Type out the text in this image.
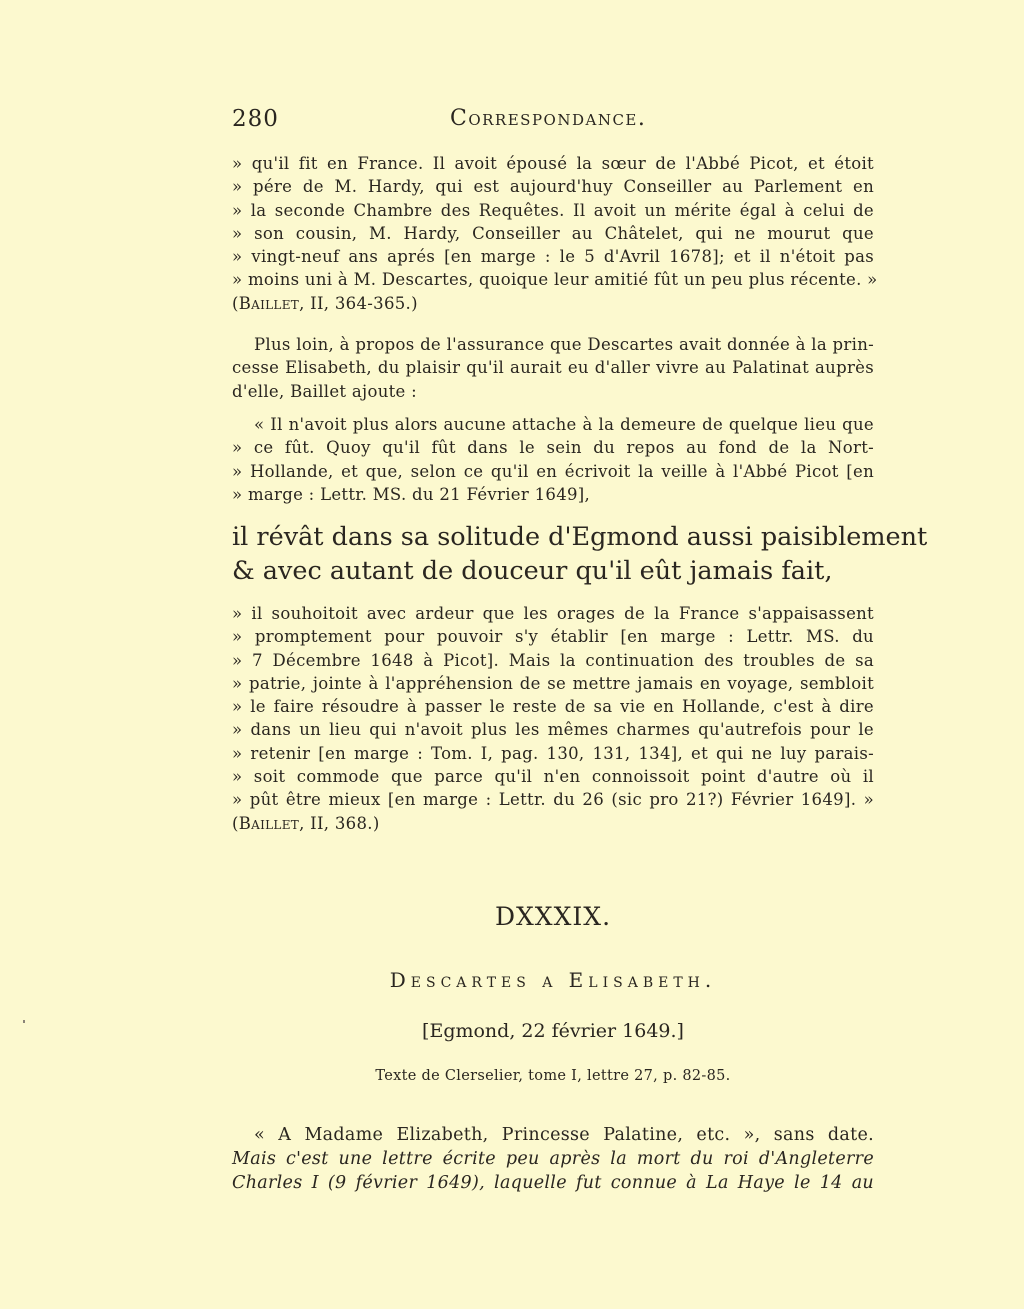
280	Correspondance.
» qu'il fit en France. Il avoit épousé la sœur de l'Abbé Picot, et étoit
» pére de M. Hardy, qui est aujourd'huy Conseiller au Parlement en
» la seconde Chambre des Requêtes. Il avoit un mérite égal à celui de
» son cousin, M. Hardy, Conseiller au Châtelet, qui ne mourut que
» vingt-neuf ans aprés [en marge : le 5 d'Avril 1678]; et il n'étoit pas
» moins uni à M. Descartes, quoique leur amitié fût un peu plus récente. »
(Baillet, II, 364-365.)
Plus loin, à propos de l'assurance que Descartes avait donnée à la prin-
cesse Elisabeth, du plaisir qu'il aurait eu d'aller vivre au Palatinat auprès
d'elle, Baillet ajoute :
« Il n'avoit plus alors aucune attache à la demeure de quelque lieu que
» ce fût. Quoy qu'il fût dans le sein du repos au fond de la Nort-
» Hollande, et que, selon ce qu'il en écrivoit la veille à l'Abbé Picot [en
» marge : Lettr. MS. du 21 Février 1649],
il révât dans sa solitude d'Egmond aussi paisiblement
& avec autant de douceur qu'il eût jamais fait,
» il souhoitoit avec ardeur que les orages de la France s'appaisassent
» promptement pour pouvoir s'y établir [en marge : Lettr. MS. du
» 7 Décembre 1648 à Picot]. Mais la continuation des troubles de sa
» patrie, jointe à l'appréhension de se mettre jamais en voyage, sembloit
» le faire résoudre à passer le reste de sa vie en Hollande, c'est à dire
» dans un lieu qui n'avoit plus les mêmes charmes qu'autrefois pour le
» retenir [en marge : Tom. I, pag. 130, 131, 134], et qui ne luy parais-
» soit commode que parce qu'il n'en connoissoit point d'autre où il
» pût être mieux [en marge : Lettr. du 26 (sic pro 21?) Février 1649]. »
(Baillet, II, 368.)
DXXXIX.
Descartes a Elisabeth.
[Egmond, 22 février 1649.]
Texte de Clerselier, tome I, lettre 27, p. 82-85.
« A Madame Elizabeth, Princesse Palatine, etc. », sans date.
Mais c'est une lettre écrite peu après la mort du roi d'Angleterre
Charles I (9 février 1649), laquelle fut connue à La Haye le 14 au
